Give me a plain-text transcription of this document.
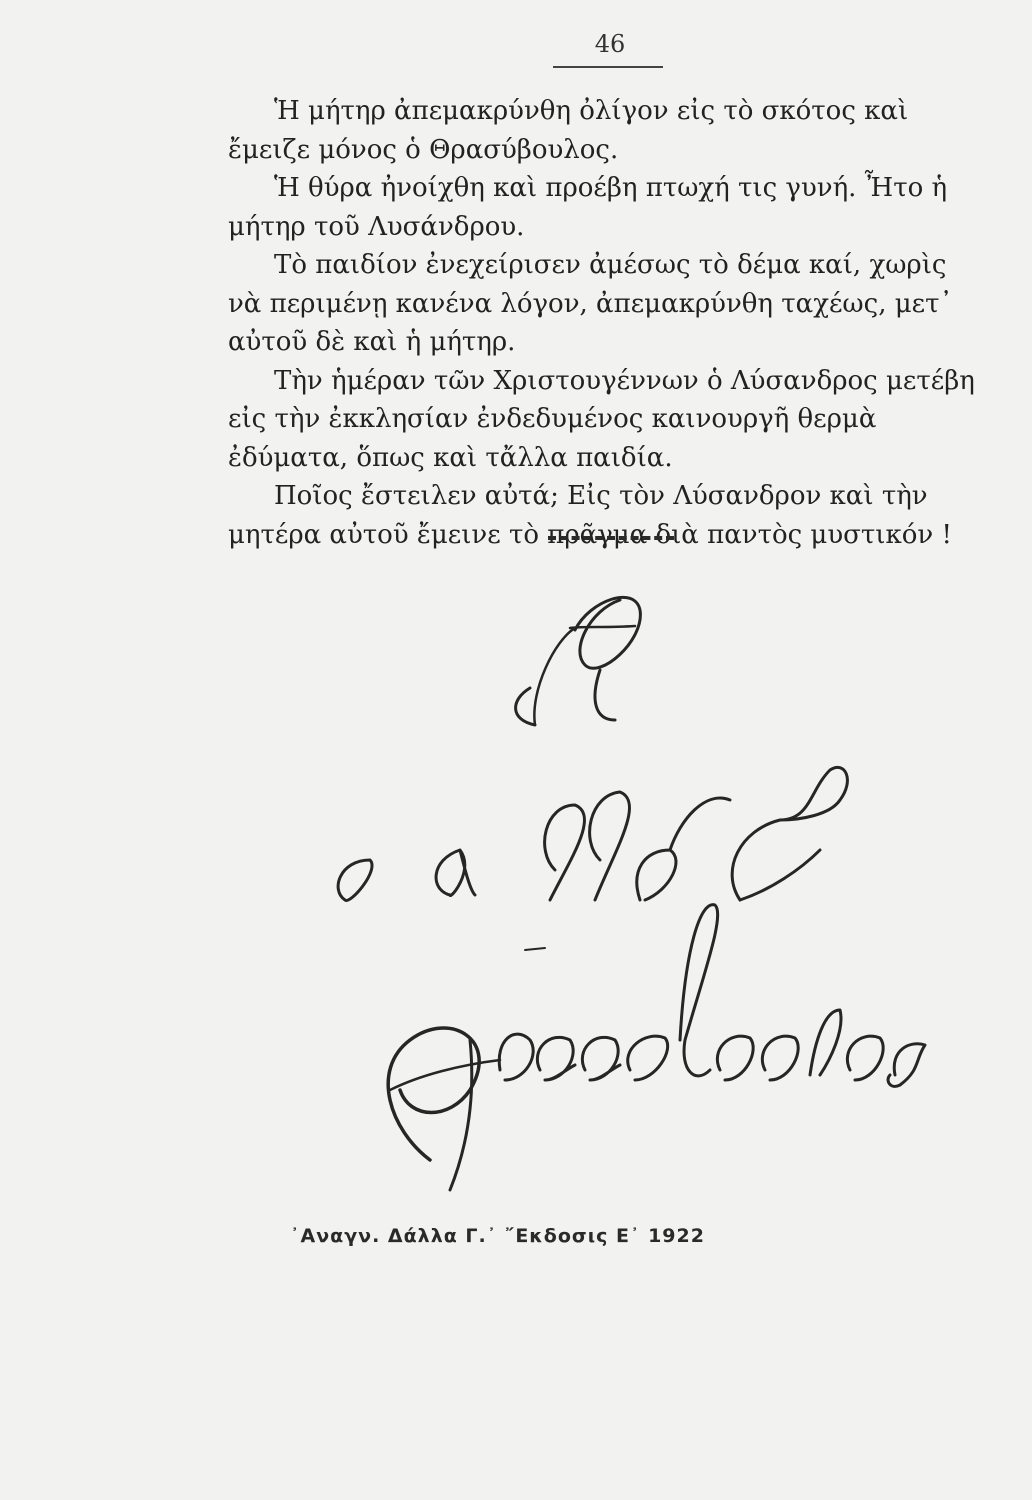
46

Ἡ μήτηρ ἀπεμακρύνθη ὀλίγον εἰς τὸ σκότος καὶ ἔμειζε μόνος ὁ Θρασύβουλος.

Ἡ θύρα ἠνοίχθη καὶ προέβη πτωχή τις γυνή. Ἦτο ἡ μήτηρ τοῦ Λυσάνδρου.

Τὸ παιδίον ἐνεχείρισεν ἀμέσως τὸ δέμα καί, χωρὶς νὰ περιμένῃ κανένα λόγον, ἀπεμακρύνθη ταχέως, μετ᾽ αὐτοῦ δὲ καὶ ἡ μήτηρ.

Τὴν ἡμέραν τῶν Χριστουγέννων ὁ Λύσανδρος μετέβη εἰς τὴν ἐκκλησίαν ἐνδεδυμένος καινουργῆ θερμὰ ἐδύματα, ὅπως καὶ τἄλλα παιδία.

Ποῖος ἔστειλεν αὐτά; Εἰς τὸν Λύσανδρον καὶ τὴν μητέρα αὐτοῦ ἔμεινε τὸ πρᾶγμα διὰ παντὸς μυστικόν !

᾽Αναγν. Δάλλα Γ.᾽ ῎Εκδοσις Ε᾽ 1922
